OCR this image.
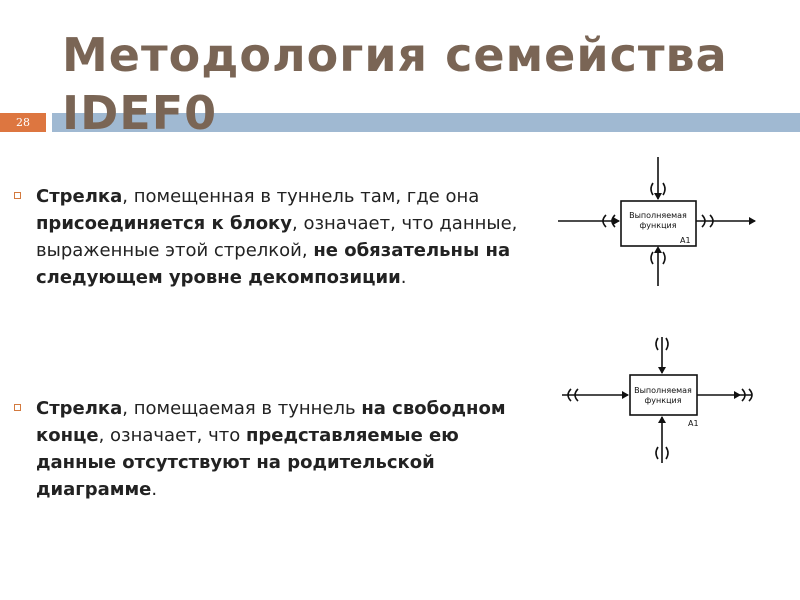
Методология семейства IDEF0
28
Стрелка, помещенная в туннель там, где она присоединяется к блоку, означает, что данные, выраженные этой стрелкой, не обязательны на следующем уровне декомпозиции.
Стрелка, помещаемая в туннель на свободном конце, означает, что представляемые ею данные отсутствуют на родительской диаграмме.
Выполняемая
функция
A1
Выполняемая
функция
A1
